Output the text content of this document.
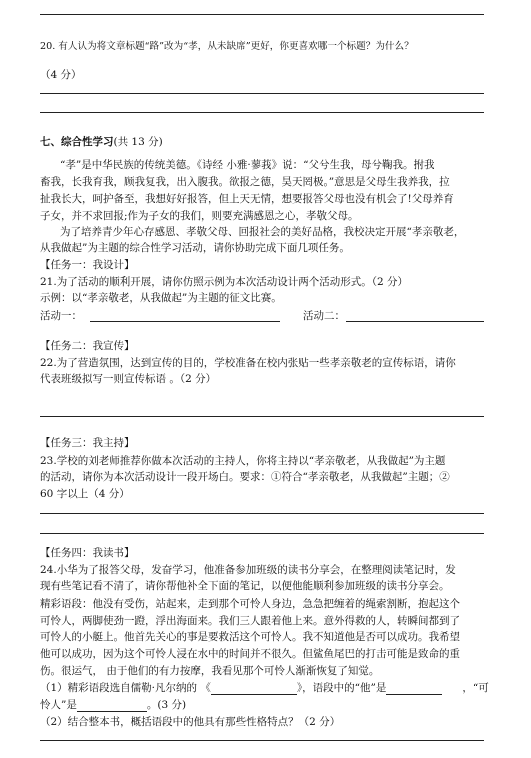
20. 有人认为将文章标题“路”改为“孝，从未缺席”更好，你更喜欢哪一个标题？为什么？
（4 分）
七、综合性学习(共 13 分)
“孝”是中华民族的传统美德。《诗经 小雅·蓼莪》说：“父兮生我，母兮鞠我。拊我
畜我，长我育我，顾我复我，出入腹我。欲报之德，昊天罔极。”意思是父母生我养我，拉
扯我长大，呵护备至，我想好好报答，但上天无情，想要报答父母也没有机会了!父母养育
子女，并不求回报;作为子女的我们，则要充满感恩之心，孝敬父母。
为了培养青少年心存感恩、孝敬父母、回报社会的美好品格，我校决定开展“孝亲敬老，
从我做起”为主题的综合性学习活动，请你协助完成下面几项任务。
【任务一：我设计】
21.为了活动的顺利开展，请你仿照示例为本次活动设计两个活动形式。（2 分）
示例：以“孝亲敬老，从我做起”为主题的征文比赛。
活动一：	活动二：
【任务二：我宣传】
22.为了营造氛围，达到宣传的目的，学校准备在校内张贴一些孝亲敬老的宣传标语，请你
代表班级拟写一则宣传标语 。（2 分）
【任务三：我主持】
23.学校的刘老师推荐你做本次活动的主持人，你将主持以“孝亲敬老，从我做起”为主题
的活动，请你为本次活动设计一段开场白。要求：①符合“孝亲敬老，从我做起”主题；②
60 字以上（4 分）
【任务四：我读书】
24.小华为了报答父母，发奋学习，他准备参加班级的读书分享会，在整理阅读笔记时，发
现有些笔记看不清了，请你帮他补全下面的笔记，以便他能顺利参加班级的读书分享会。
精彩语段：他没有受伤，站起来，走到那个可怜人身边，急急把缠着的绳索割断，抱起这个
可怜人，两脚使劲一蹬，浮出海面来。我们三人跟着他上来。意外得救的人，转瞬间都到了
可怜人的小艇上。他首先关心的事是要救活这个可怜人。我不知道他是否可以成功。我希望
他可以成功，因为这个可怜人浸在水中的时间并不很久。但鲨鱼尾巴的打击可能是致命的重
伤。很运气， 由于他们的有力按摩，我看见那个可怜人渐渐恢复了知觉。
（1）精彩语段选自儒勒·凡尔纳的 《	》，语段中的“他”是	，“可
怜人”是	。(3 分)
（2）结合整本书，概括语段中的他具有那些性格特点？（2 分）
